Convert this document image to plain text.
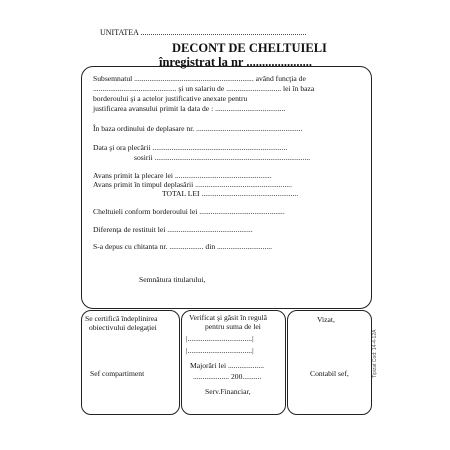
UNITATEA ...................................................................................
DECONT DE CHELTUIELI
înregistrat la nr .....................
Subsemnatul ............................................................... având funcţia de
............................................ şi un salariu de ............................. lei în baza
borderoului şi a actelor justificative anexate pentru
justificarea avansului primit la data de : .....................................
În baza ordinului de deplasare nr. ........................................................
Data şi ora plecării .......................................................................
sosirii ..................................................................................
Avans primit la plecare lei ...................................................
Avans primit în timpul deplasării ...................................................
TOTAL LEI ...................................................
Cheltuieli conform borderoului lei .............................................
Diferenţa de restituit lei .............................................
S-a depus cu chitanta nr. .................. din .............................
Semnătura titularului,
Se certifică îndeplinirea
obiectivului delegaţiei
Sef compartiment
Verificat şi găsit în regulă
pentru suma de lei
|..................................|
|..................................|
Majorări lei ...................
................... 200..........
Serv.Financiar,
Vizat,
Contabil sef,	Tipizat Cod: 14-4-12A
